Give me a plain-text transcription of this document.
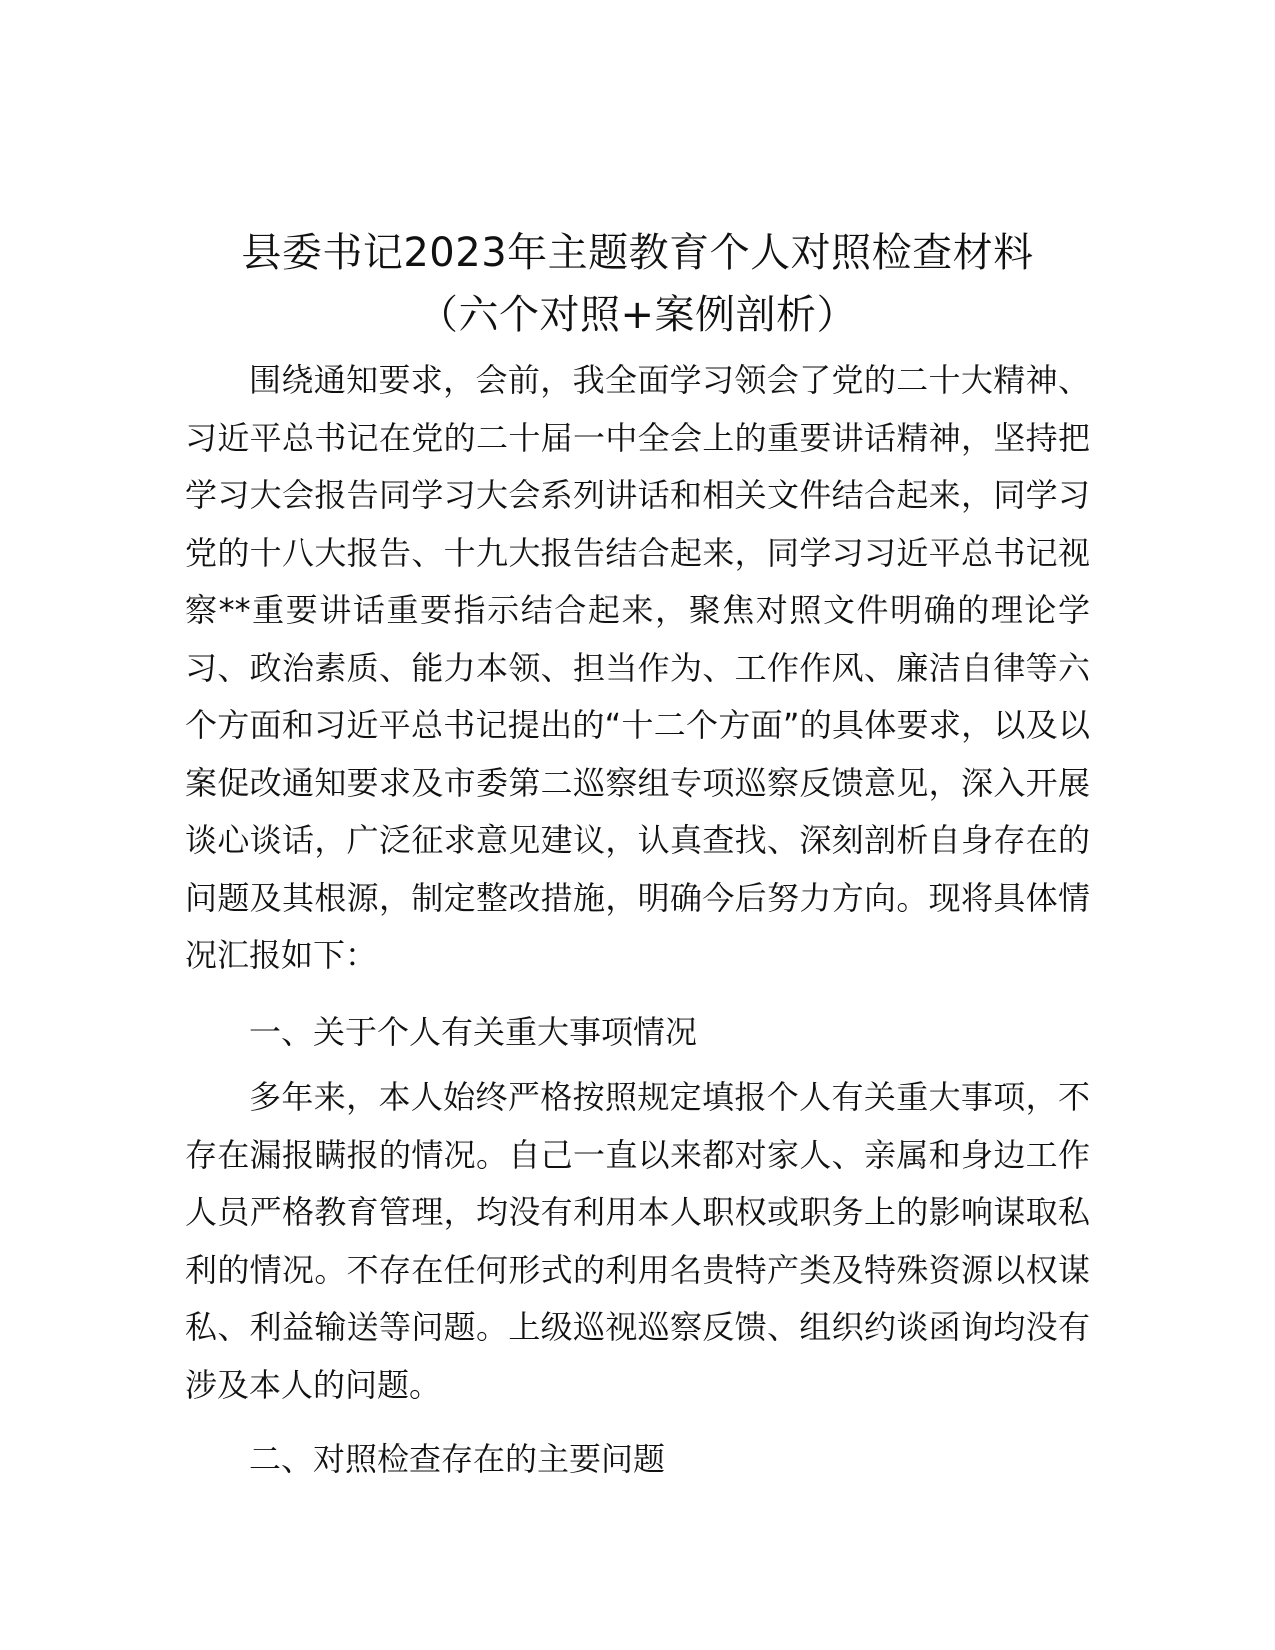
县委书记2023年主题教育个人对照检查材料
（六个对照+案例剖析）

围绕通知要求，会前，我全面学习领会了党的二十大精神、习近平总书记在党的二十届一中全会上的重要讲话精神，坚持把学习大会报告同学习大会系列讲话和相关文件结合起来，同学习党的十八大报告、十九大报告结合起来，同学习习近平总书记视察**重要讲话重要指示结合起来，聚焦对照文件明确的理论学习、政治素质、能力本领、担当作为、工作作风、廉洁自律等六个方面和习近平总书记提出的“十二个方面”的具体要求，以及以案促改通知要求及市委第二巡察组专项巡察反馈意见，深入开展谈心谈话，广泛征求意见建议，认真查找、深刻剖析自身存在的问题及其根源，制定整改措施，明确今后努力方向。现将具体情况汇报如下：

一、关于个人有关重大事项情况

多年来，本人始终严格按照规定填报个人有关重大事项，不存在漏报瞒报的情况。自己一直以来都对家人、亲属和身边工作人员严格教育管理，均没有利用本人职权或职务上的影响谋取私利的情况。不存在任何形式的利用名贵特产类及特殊资源以权谋私、利益输送等问题。上级巡视巡察反馈、组织约谈函询均没有涉及本人的问题。

二、对照检查存在的主要问题
